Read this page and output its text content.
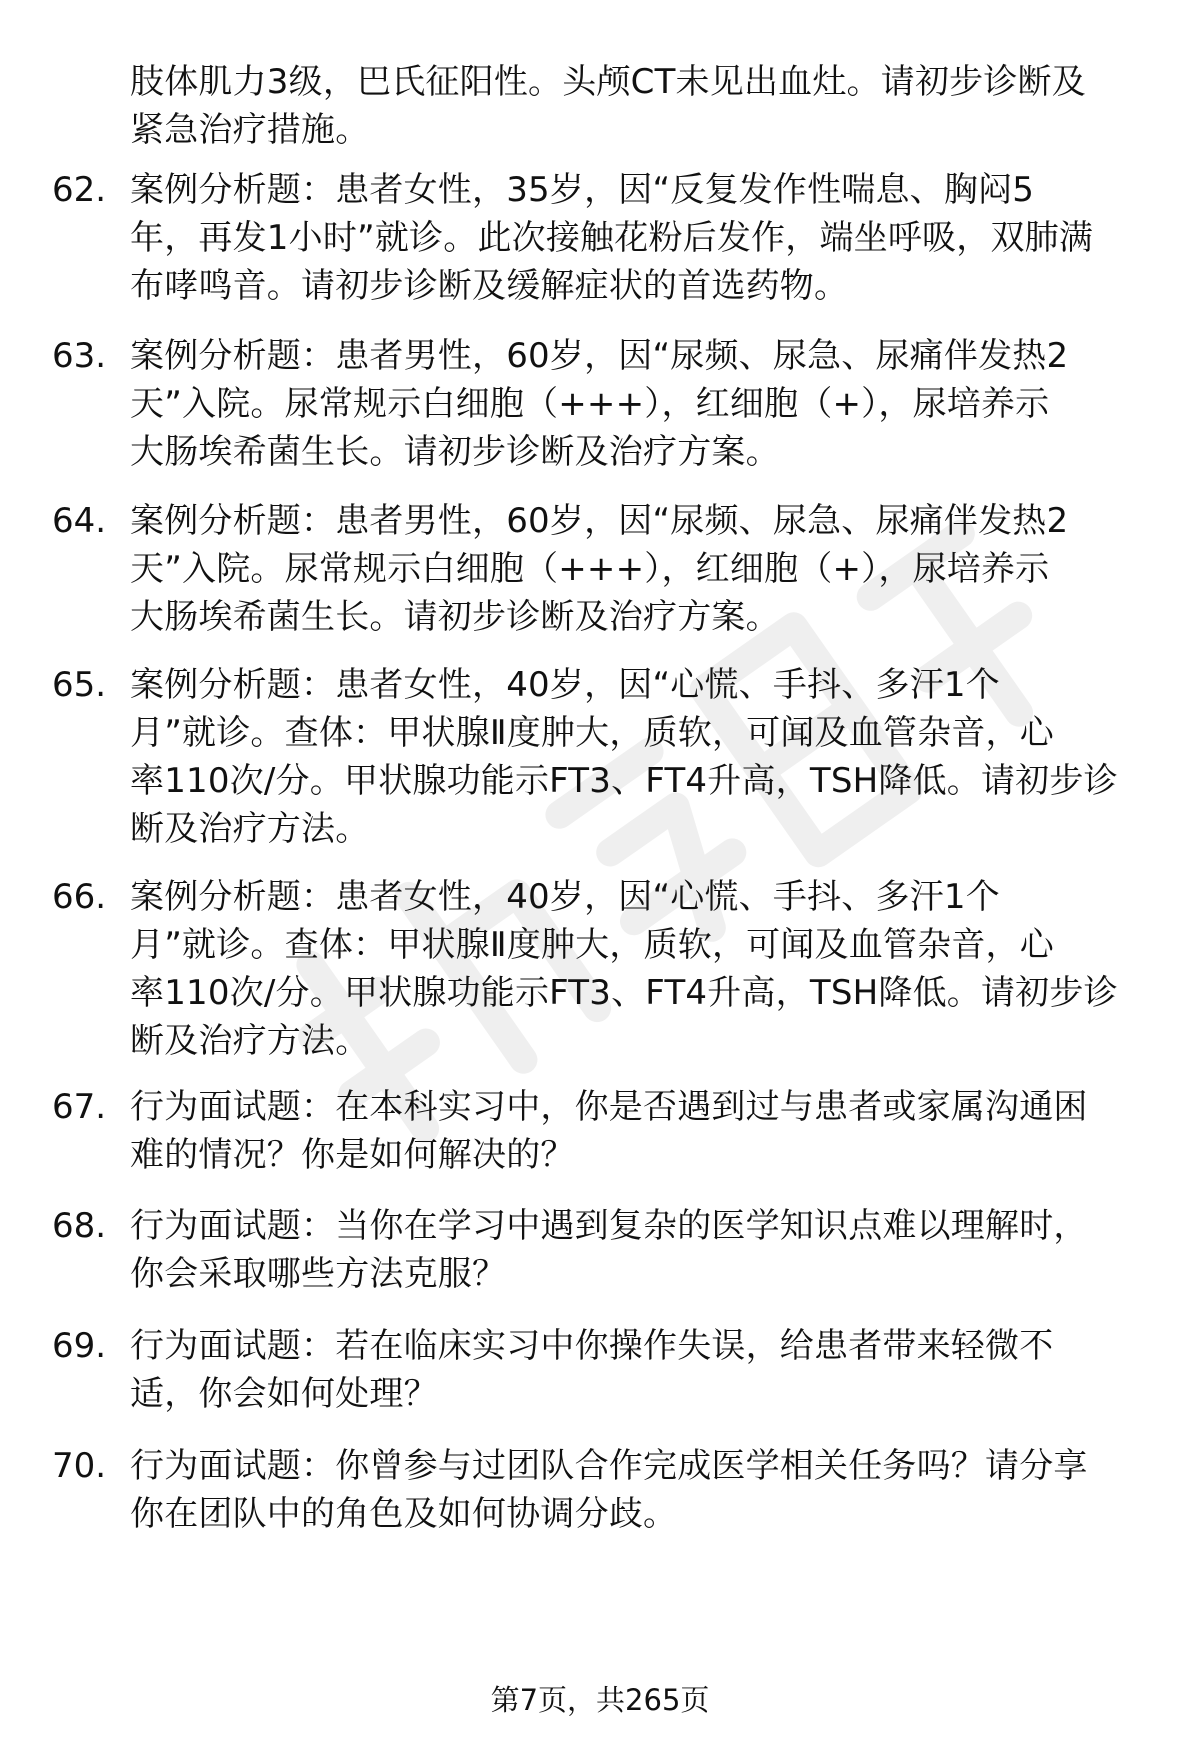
肢体肌力3级，巴氏征阳性。头颅CT未见出血灶。请初步诊断及
紧急治疗措施。
62. 案例分析题：患者女性，35岁，因“反复发作性喘息、胸闷5
年，再发1小时”就诊。此次接触花粉后发作，端坐呼吸，双肺满
布哮鸣音。请初步诊断及缓解症状的首选药物。
63. 案例分析题：患者男性，60岁，因“尿频、尿急、尿痛伴发热2
天”入院。尿常规示白细胞（+++），红细胞（+），尿培养示
大肠埃希菌生长。请初步诊断及治疗方案。
64. 案例分析题：患者男性，60岁，因“尿频、尿急、尿痛伴发热2
天”入院。尿常规示白细胞（+++），红细胞（+），尿培养示
大肠埃希菌生长。请初步诊断及治疗方案。
65. 案例分析题：患者女性，40岁，因“心慌、手抖、多汗1个
月”就诊。查体：甲状腺Ⅱ度肿大，质软，可闻及血管杂音，心
率110次/分。甲状腺功能示FT3、FT4升高，TSH降低。请初步诊
断及治疗方法。
66. 案例分析题：患者女性，40岁，因“心慌、手抖、多汗1个
月”就诊。查体：甲状腺Ⅱ度肿大，质软，可闻及血管杂音，心
率110次/分。甲状腺功能示FT3、FT4升高，TSH降低。请初步诊
断及治疗方法。
67. 行为面试题：在本科实习中，你是否遇到过与患者或家属沟通困
难的情况？你是如何解决的？
68. 行为面试题：当你在学习中遇到复杂的医学知识点难以理解时，
你会采取哪些方法克服？
69. 行为面试题：若在临床实习中你操作失误，给患者带来轻微不
适，你会如何处理？
70. 行为面试题：你曾参与过团队合作完成医学相关任务吗？请分享
你在团队中的角色及如何协调分歧。
第7页，共265页
